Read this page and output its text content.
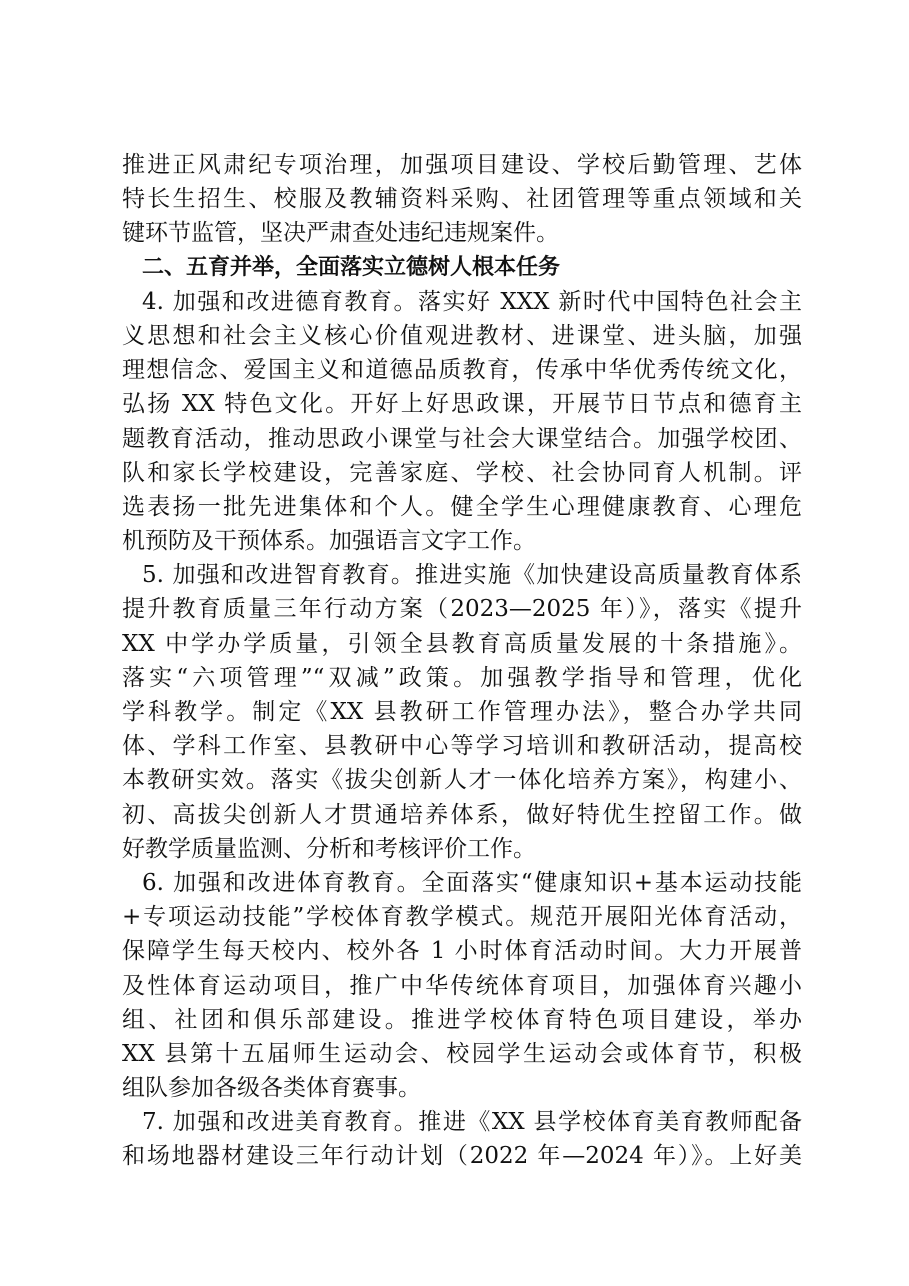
推进正风肃纪专项治理，加强项目建设、学校后勤管理、艺体
特长生招生、校服及教辅资料采购、社团管理等重点领域和关
键环节监管，坚决严肃查处违纪违规案件。
二、五育并举，全面落实立德树人根本任务
4. 加强和改进德育教育。落实好 XXX 新时代中国特色社会主
义思想和社会主义核心价值观进教材、进课堂、进头脑，加强
理想信念、爱国主义和道德品质教育，传承中华优秀传统文化，
弘扬 XX 特色文化。开好上好思政课，开展节日节点和德育主
题教育活动，推动思政小课堂与社会大课堂结合。加强学校团、
队和家长学校建设，完善家庭、学校、社会协同育人机制。评
选表扬一批先进集体和个人。健全学生心理健康教育、心理危
机预防及干预体系。加强语言文字工作。
5. 加强和改进智育教育。推进实施《加快建设高质量教育体系
提升教育质量三年行动方案（2023—2025 年）》，落实《提升
XX 中学办学质量，引领全县教育高质量发展的十条措施》。
落实“六项管理”“双减”政策。加强教学指导和管理，优化
学科教学。制定《XX 县教研工作管理办法》，整合办学共同
体、学科工作室、县教研中心等学习培训和教研活动，提高校
本教研实效。落实《拔尖创新人才一体化培养方案》，构建小、
初、高拔尖创新人才贯通培养体系，做好特优生控留工作。做
好教学质量监测、分析和考核评价工作。
6. 加强和改进体育教育。全面落实“健康知识+基本运动技能
+专项运动技能”学校体育教学模式。规范开展阳光体育活动，
保障学生每天校内、校外各 1 小时体育活动时间。大力开展普
及性体育运动项目，推广中华传统体育项目，加强体育兴趣小
组、社团和俱乐部建设。推进学校体育特色项目建设，举办
XX 县第十五届师生运动会、校园学生运动会或体育节，积极
组队参加各级各类体育赛事。
7. 加强和改进美育教育。推进《XX 县学校体育美育教师配备
和场地器材建设三年行动计划（2022 年—2024 年）》。上好美
